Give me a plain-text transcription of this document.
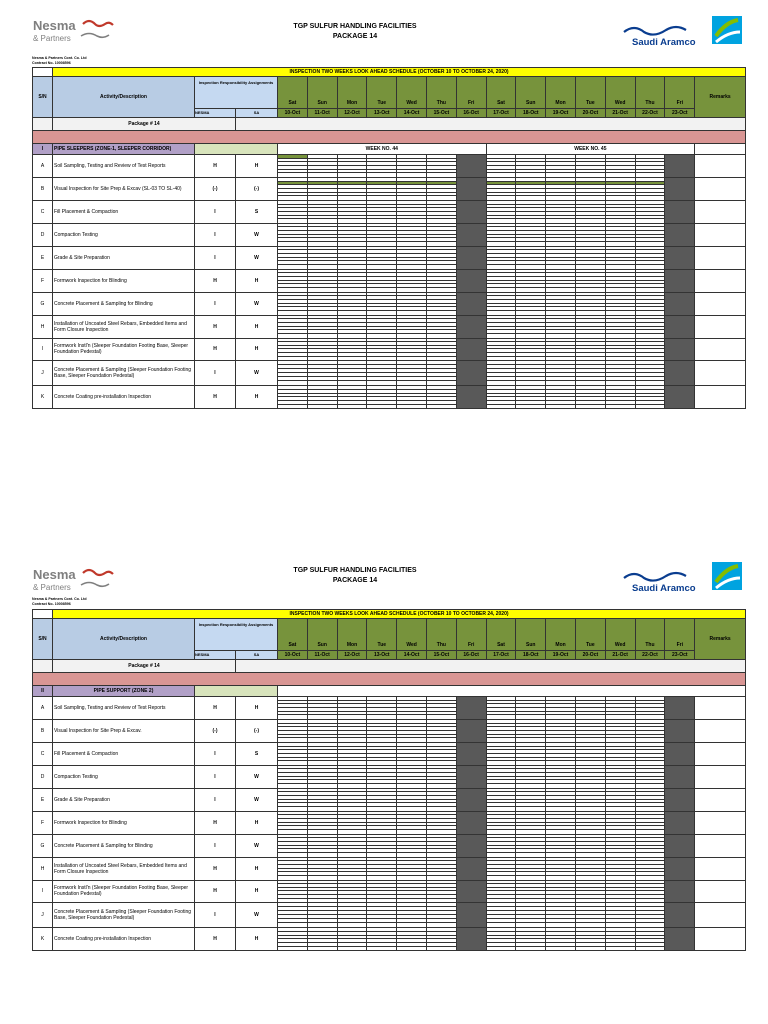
Nesma
& Partners
TGP SULFUR HANDLING FACILITIES
PACKAGE 14
Saudi Aramco
Nesma & Partners Cont. Co. Ltd
Contract No- 10008596
	INSPECTION TWO WEEKS LOOK AHEAD SCHEDULE (OCTOBER 10 TO OCTOBER 24, 2020)																	
S/N	Activity/Description	Inspection Responsibility Assignments		Sat	Sun	Mon	Tue	Wed	Thu	Fri	Sat	Sun	Mon	Tue	Wed	Thu	Fri	Remarks
		NESMA	SA	10-Oct	11-Oct	12-Oct	13-Oct	14-Oct	15-Oct	16-Oct	17-Oct	18-Oct	19-Oct	20-Oct	21-Oct	22-Oct	23-Oct	
	Package # 14																	

I	PIPE SLEEPERS (ZONE-1, SLEEPER CORRIDOR)			WEEK NO. 44							WEEK NO. 45							
A	Soil Sampling, Testing and Review of Test Reports	H	H	

B	Visual Inspection for Site Prep & Excav (SL-03 TO SL-40)	(-)	(-)	

C	Fill Placement & Compaction	I	S	

D	Compaction Testing	I	W	

E	Grade & Site Preparation	I	W	

F	Formwork Inspection for Blinding	H	H	

G	Concrete Placement & Sampling for Blinding	I	W	

H	Installation of Uncoated Steel Rebars, Embedded Items and Form Closure Inspection	H	H	

I	Formwork Instl'n (Sleeper Foundation Footing Base, Sleeper Foundation Pedestal)	H	H	

J	Concrete Placement & Sampling (Sleeper Foundation Footing Base, Sleeper Foundation Pedestal)	I	W	

K	Concrete Coating pre-installation Inspection	H	H	

Nesma
& Partners
TGP SULFUR HANDLING FACILITIES
PACKAGE 14
Saudi Aramco
Nesma & Partners Cont. Co. Ltd
Contract No- 10008596
	INSPECTION TWO WEEKS LOOK AHEAD SCHEDULE (OCTOBER 10 TO OCTOBER 24, 2020)																	
S/N	Activity/Description	Inspection Responsibility Assignments		Sat	Sun	Mon	Tue	Wed	Thu	Fri	Sat	Sun	Mon	Tue	Wed	Thu	Fri	Remarks
		NESMA	SA	10-Oct	11-Oct	12-Oct	13-Oct	14-Oct	15-Oct	16-Oct	17-Oct	18-Oct	19-Oct	20-Oct	21-Oct	22-Oct	23-Oct	
	Package # 14																	

II	PIPE SUPPORT (ZONE 2)																	
A	Soil Sampling, Testing and Review of Test Reports	H	H	

B	Visual Inspection for Site Prep & Excav.	(-)	(-)	

C	Fill Placement & Compaction	I	S	

D	Compaction Testing	I	W	

E	Grade & Site Preparation	I	W	

F	Formwork Inspection for Blinding	H	H	

G	Concrete Placement & Sampling for Blinding	I	W	

H	Installation of Uncoated Steel Rebars, Embedded Items and Form Closure Inspection	H	H	

I	Formwork Instl'n (Sleeper Foundation Footing Base, Sleeper Foundation Pedestal)	H	H	

J	Concrete Placement & Sampling (Sleeper Foundation Footing Base, Sleeper Foundation Pedestal)	I	W	

K	Concrete Coating pre-installation Inspection	H	H	
